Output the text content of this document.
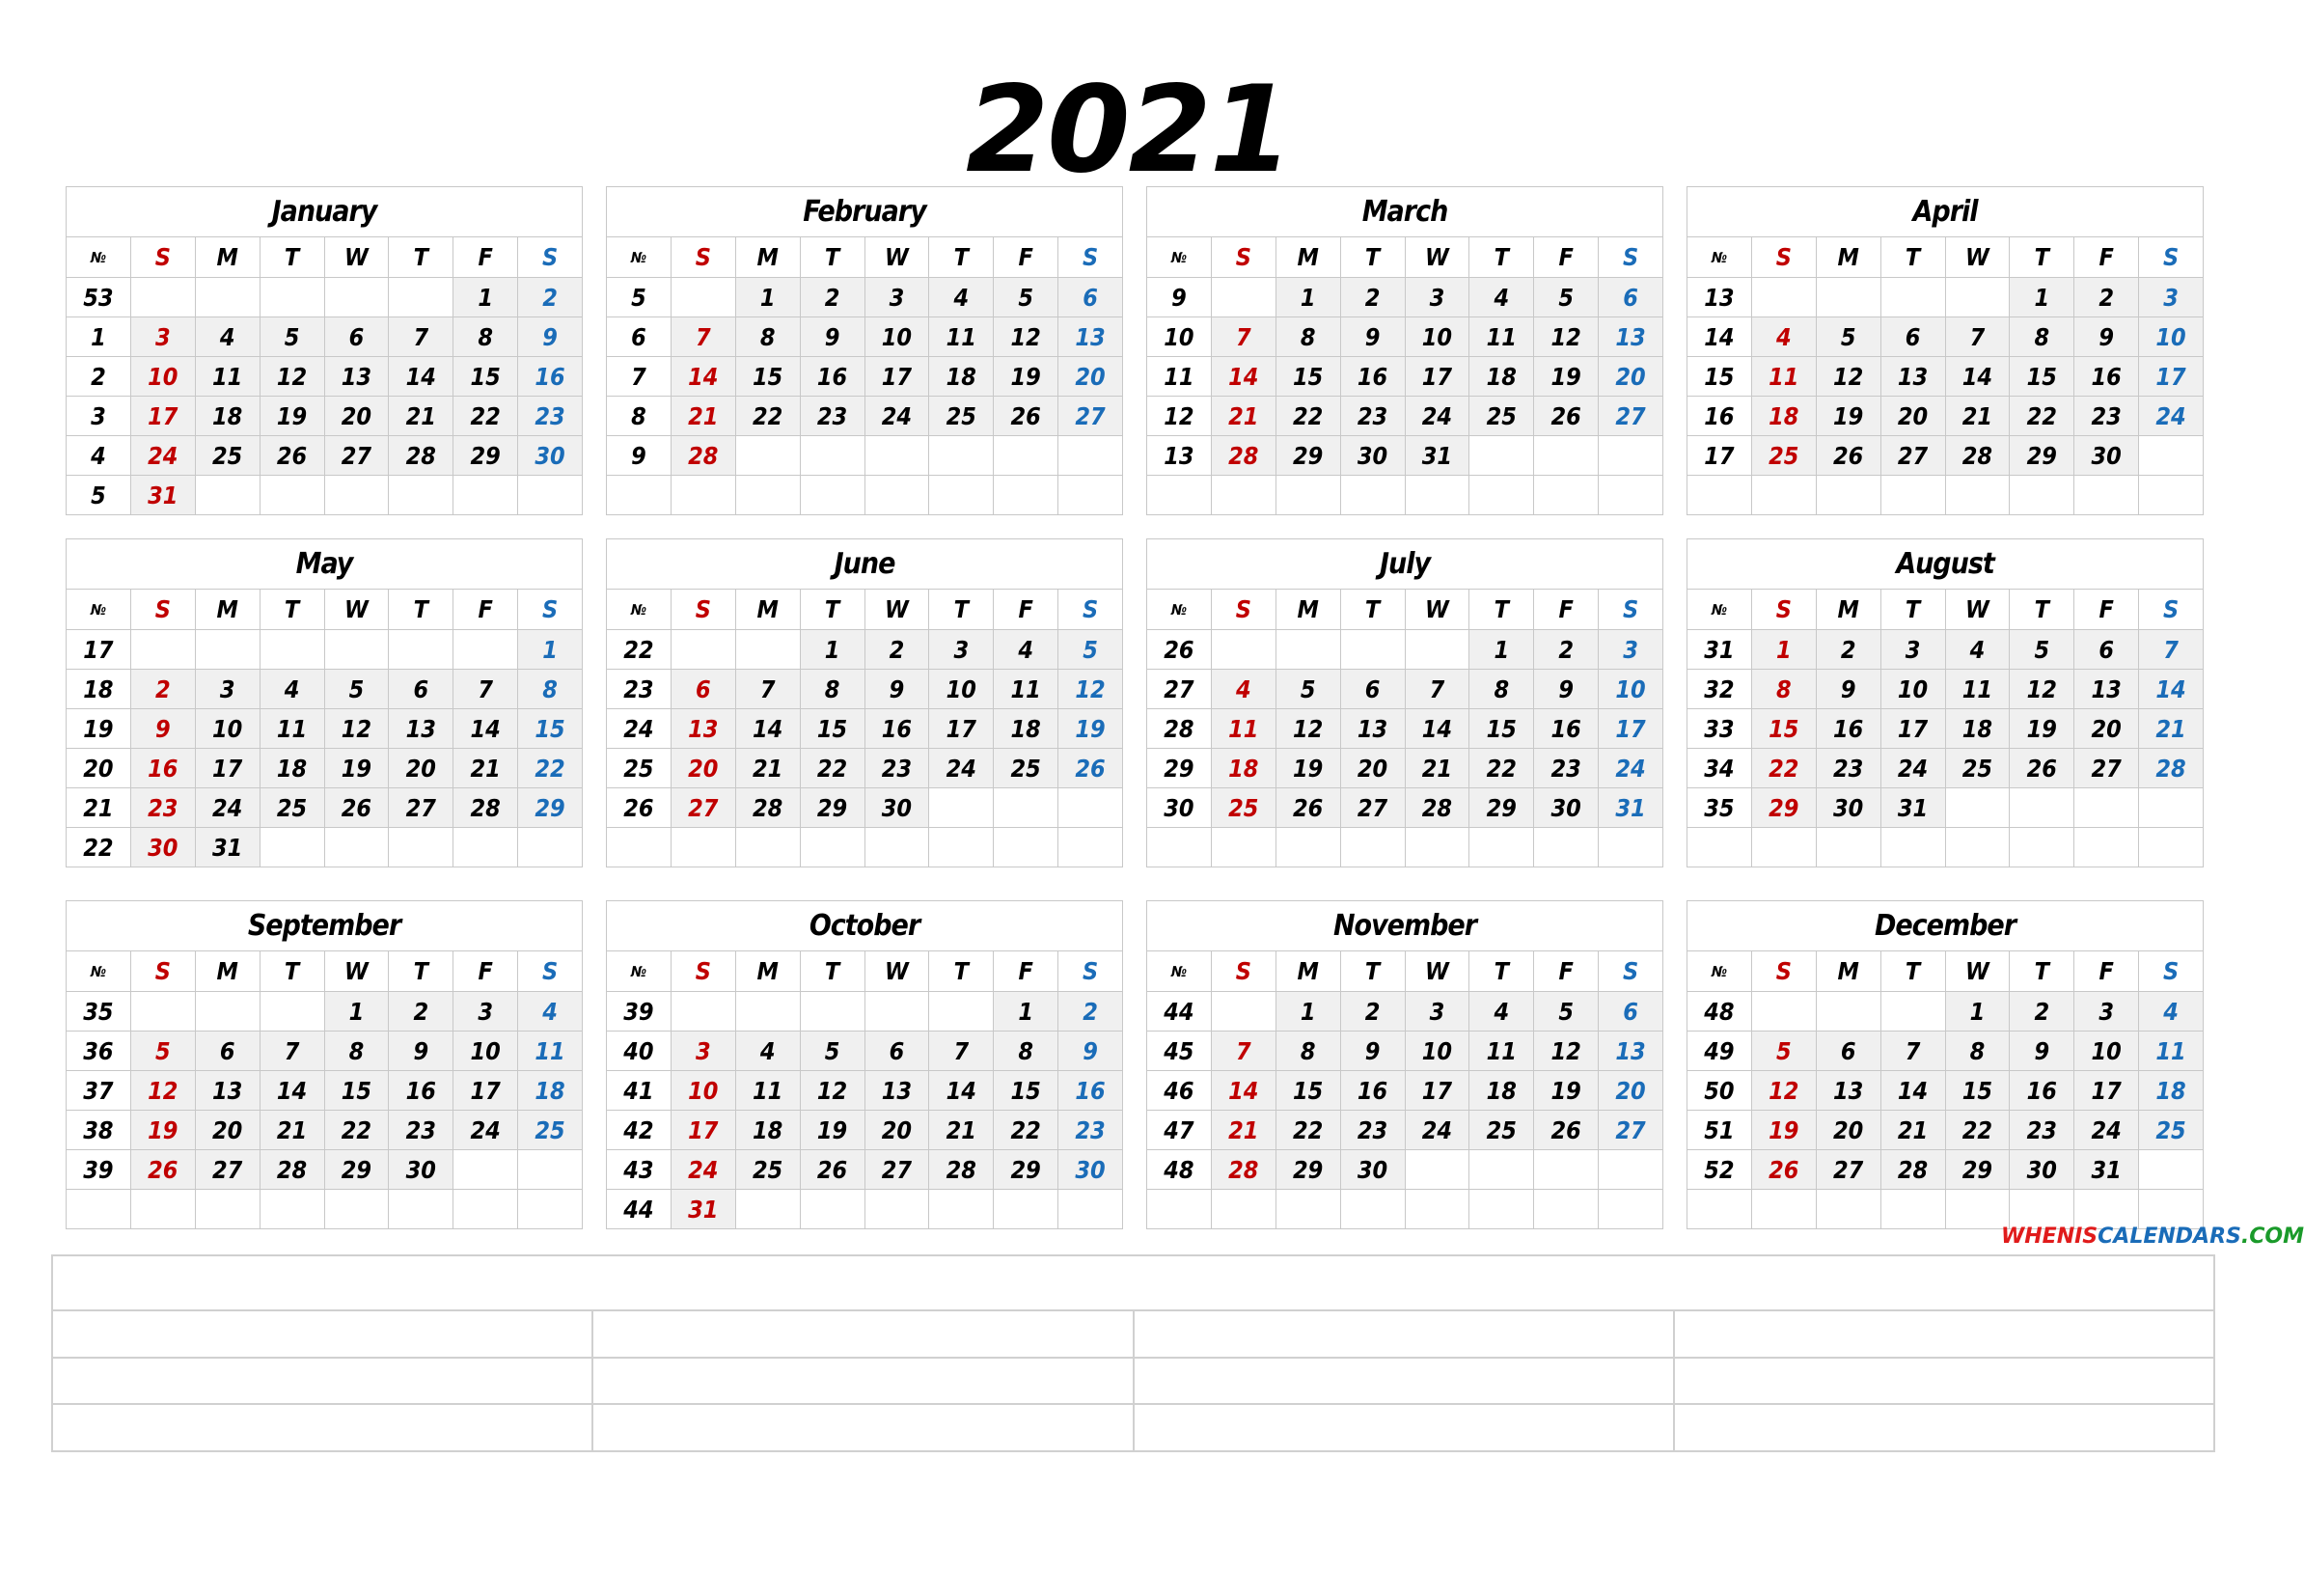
2021
January							
№	S	M	T	W	T	F	S
53						1	2
1	3	4	5	6	7	8	9
2	10	11	12	13	14	15	16
3	17	18	19	20	21	22	23
4	24	25	26	27	28	29	30
5	31						
February							
№	S	M	T	W	T	F	S
5		1	2	3	4	5	6
6	7	8	9	10	11	12	13
7	14	15	16	17	18	19	20
8	21	22	23	24	25	26	27
9	28						

March							
№	S	M	T	W	T	F	S
9		1	2	3	4	5	6
10	7	8	9	10	11	12	13
11	14	15	16	17	18	19	20
12	21	22	23	24	25	26	27
13	28	29	30	31			

April							
№	S	M	T	W	T	F	S
13					1	2	3
14	4	5	6	7	8	9	10
15	11	12	13	14	15	16	17
16	18	19	20	21	22	23	24
17	25	26	27	28	29	30	

May							
№	S	M	T	W	T	F	S
17							1
18	2	3	4	5	6	7	8
19	9	10	11	12	13	14	15
20	16	17	18	19	20	21	22
21	23	24	25	26	27	28	29
22	30	31					
June							
№	S	M	T	W	T	F	S
22			1	2	3	4	5
23	6	7	8	9	10	11	12
24	13	14	15	16	17	18	19
25	20	21	22	23	24	25	26
26	27	28	29	30			

July							
№	S	M	T	W	T	F	S
26					1	2	3
27	4	5	6	7	8	9	10
28	11	12	13	14	15	16	17
29	18	19	20	21	22	23	24
30	25	26	27	28	29	30	31

August							
№	S	M	T	W	T	F	S
31	1	2	3	4	5	6	7
32	8	9	10	11	12	13	14
33	15	16	17	18	19	20	21
34	22	23	24	25	26	27	28
35	29	30	31				

September							
№	S	M	T	W	T	F	S
35				1	2	3	4
36	5	6	7	8	9	10	11
37	12	13	14	15	16	17	18
38	19	20	21	22	23	24	25
39	26	27	28	29	30		

October							
№	S	M	T	W	T	F	S
39						1	2
40	3	4	5	6	7	8	9
41	10	11	12	13	14	15	16
42	17	18	19	20	21	22	23
43	24	25	26	27	28	29	30
44	31						
November							
№	S	M	T	W	T	F	S
44		1	2	3	4	5	6
45	7	8	9	10	11	12	13
46	14	15	16	17	18	19	20
47	21	22	23	24	25	26	27
48	28	29	30				

December							
№	S	M	T	W	T	F	S
48				1	2	3	4
49	5	6	7	8	9	10	11
50	12	13	14	15	16	17	18
51	19	20	21	22	23	24	25
52	26	27	28	29	30	31	

WHENISCALENDARS.COM
